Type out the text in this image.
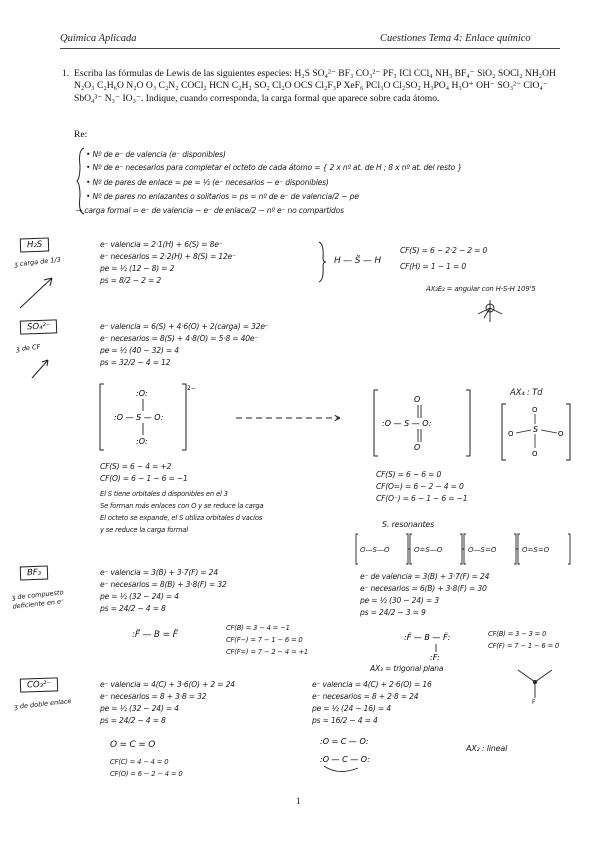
Química Aplicada	Cuestiones Tema 4: Enlace químico
1. Escriba las fórmulas de Lewis de las siguientes especies: H₂S SO₄²⁻ BF₃ CO₃²⁻ PF₃ ICl CCl₄ NH₃ BF₄⁻ SiO₂ SOCl₂ NH₂OH N₂O₃ C₂H₆O N₂O O₃ C₂N₂ COCl₂ HCN C₂H₂ SO₂ Cl₂O OCS Cl₂F₃P XeF₆ PCl₃O Cl₂SO₂ H₃PO₄ H₃O⁺ OH⁻ SO₃²⁻ ClO₄⁻ SbO₄³⁻ N₃⁻ IO₃⁻. Indique, cuando corresponda, la carga formal que aparece sobre cada átomo.
Re:
• Nº de e⁻ de valencia (e⁻ disponibles)
• Nº de e⁻ necesarios para completar el octeto de cada átomo = { 2 x nº at. de H ; 8 x nº at. del resto }
• Nº de pares de enlace = pe = ½ (e⁻ necesarios − e⁻ disponibles)
• Nº de pares no enlazantes o solitarios = ps = nº de e⁻ de valencia/2 − pe
→ carga formal = e⁻ de valencia − e⁻ de enlace/2 − nº e⁻ no compartidos
H₂S
ʒ carga de 1/3
e⁻ valencia = 2·1(H) + 6(S) = 8e⁻
e⁻ necesarios = 2·2(H) + 8(S) = 12e⁻
pe = ½ (12 − 8) = 2
ps = 8/2 − 2 = 2
H — S̈ — H
CF(S) = 6 − 2·2 − 2 = 0
CF(H) = 1 − 1 = 0
AX₂E₂ = angular con H-S-H 109'5
SO₄²⁻
ʒ de CF
e⁻ valencia = 6(S) + 4·6(O) + 2(carga) = 32e⁻
e⁻ necesarios = 8(S) + 4·8(O) = 5·8 = 40e⁻
pe = ½ (40 − 32) = 4
ps = 32/2 − 4 = 12
:O:
:O — S — O:
:O:
2−
CF(S) = 6 − 4 = +2
CF(O) = 6 − 1 − 6 = −1
El S tiene orbitales d disponibles en el 3
Se forman más enlaces con O y se reduce la carga
El octeto se expande, el S utiliza orbitales d vacíos
y se reduce la carga formal
O
:O — S — O:
O
CF(S) = 6 − 6 = 0
CF(O=) = 6 − 2 − 4 = 0
CF(O⁻) = 6 − 1 − 6 = −1
AX₄ : Td
S
O
O	O
O
S. resonantes
O—S—O	O=S—O	O—S=O	O=S=O
BF₃
ʒ de compuesto deficiente en e⁻
e⁻ valencia = 3(B) + 3·7(F) = 24
e⁻ necesarios = 8(B) + 3·8(F) = 32
pe = ½ (32 − 24) = 4
ps = 24/2 − 4 = 8
:F̈ — B = F̈
CF(B) = 3 − 4 = −1
CF(F−) = 7 − 1 − 6 = 0
CF(F=) = 7 − 2 − 4 = +1
e⁻ de valencia = 3(B) + 3·7(F) = 24
e⁻ necesarios = 6(B) + 3·8(F) = 30
pe = ½ (30 − 24) = 3
ps = 24/2 − 3 = 9
:F̈ — B — F̈:
:F:
CF(B) = 3 − 3 = 0
CF(F) = 7 − 1 − 6 = 0
AX₃ = trigonal plana
F
CO₃²⁻
ʒ de doble enlace
e⁻ valencia = 4(C) + 3·6(O) + 2 = 24
e⁻ necesarios = 8 + 3·8 = 32
pe = ½ (32 − 24) = 4
ps = 24/2 − 4 = 8
O = C = O
CF(C) = 4 − 4 = 0
CF(O) = 6 − 2 − 4 = 0
e⁻ valencia = 4(C) + 2·6(O) = 16
e⁻ necesarios = 8 + 2·8 = 24
pe = ½ (24 − 16) = 4
ps = 16/2 − 4 = 4
:O = C — O:
:O — C — O:
AX₂ : lineal
1
